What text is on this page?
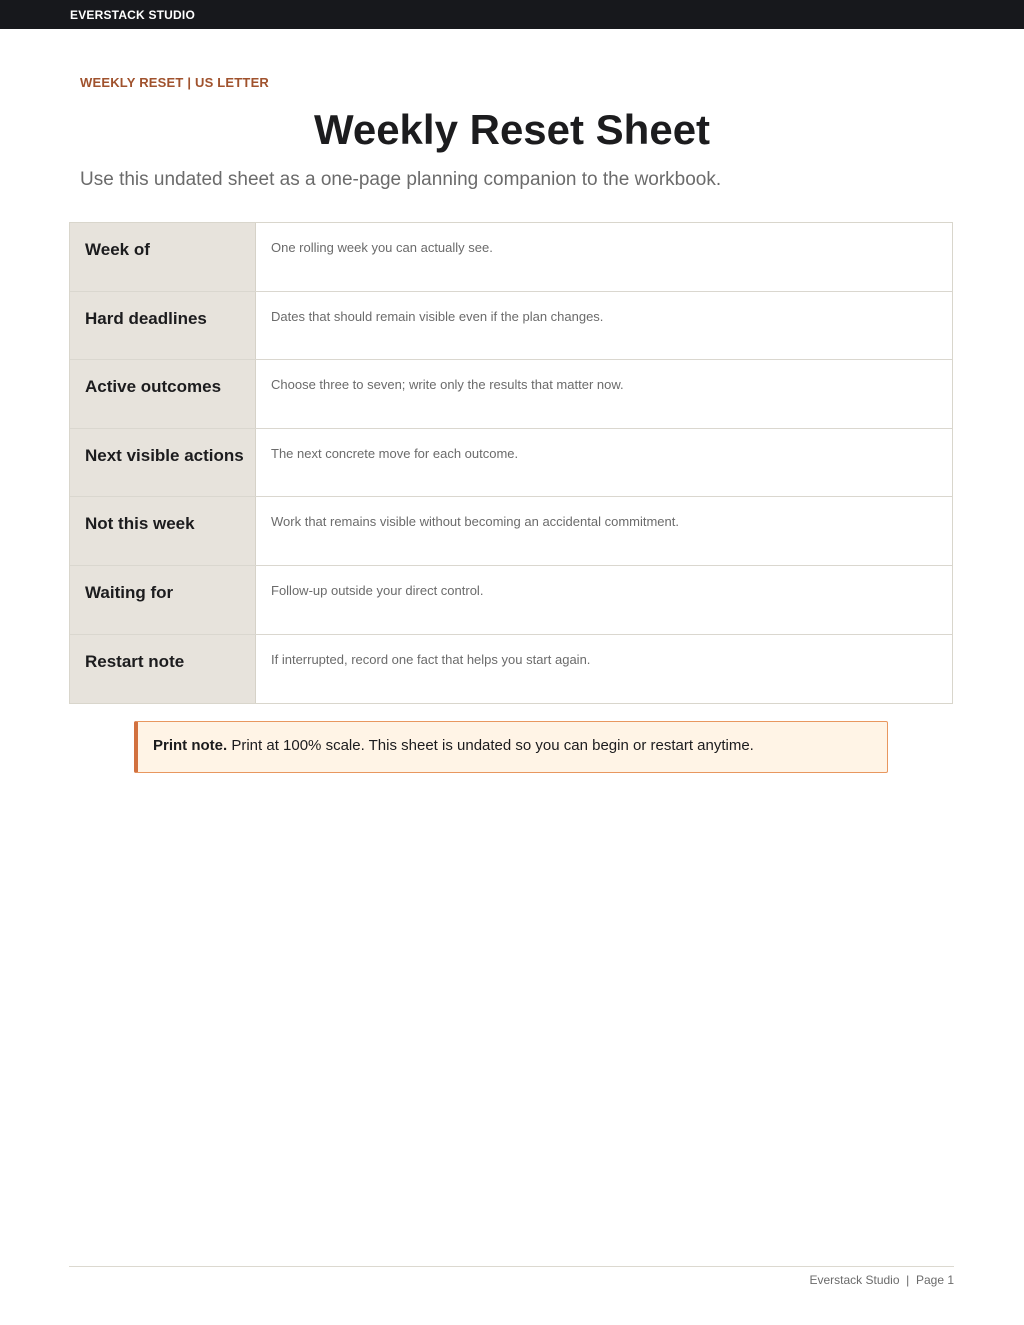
EVERSTACK STUDIO
WEEKLY RESET | US LETTER
Weekly Reset Sheet
Use this undated sheet as a one-page planning companion to the workbook.
Week of	One rolling week you can actually see.
Hard deadlines	Dates that should remain visible even if the plan changes.
Active outcomes	Choose three to seven; write only the results that matter now.
Next visible actions	The next concrete move for each outcome.
Not this week	Work that remains visible without becoming an accidental commitment.
Waiting for	Follow-up outside your direct control.
Restart note	If interrupted, record one fact that helps you start again.
Print note. Print at 100% scale. This sheet is undated so you can begin or restart anytime.
Everstack Studio  |  Page 1
